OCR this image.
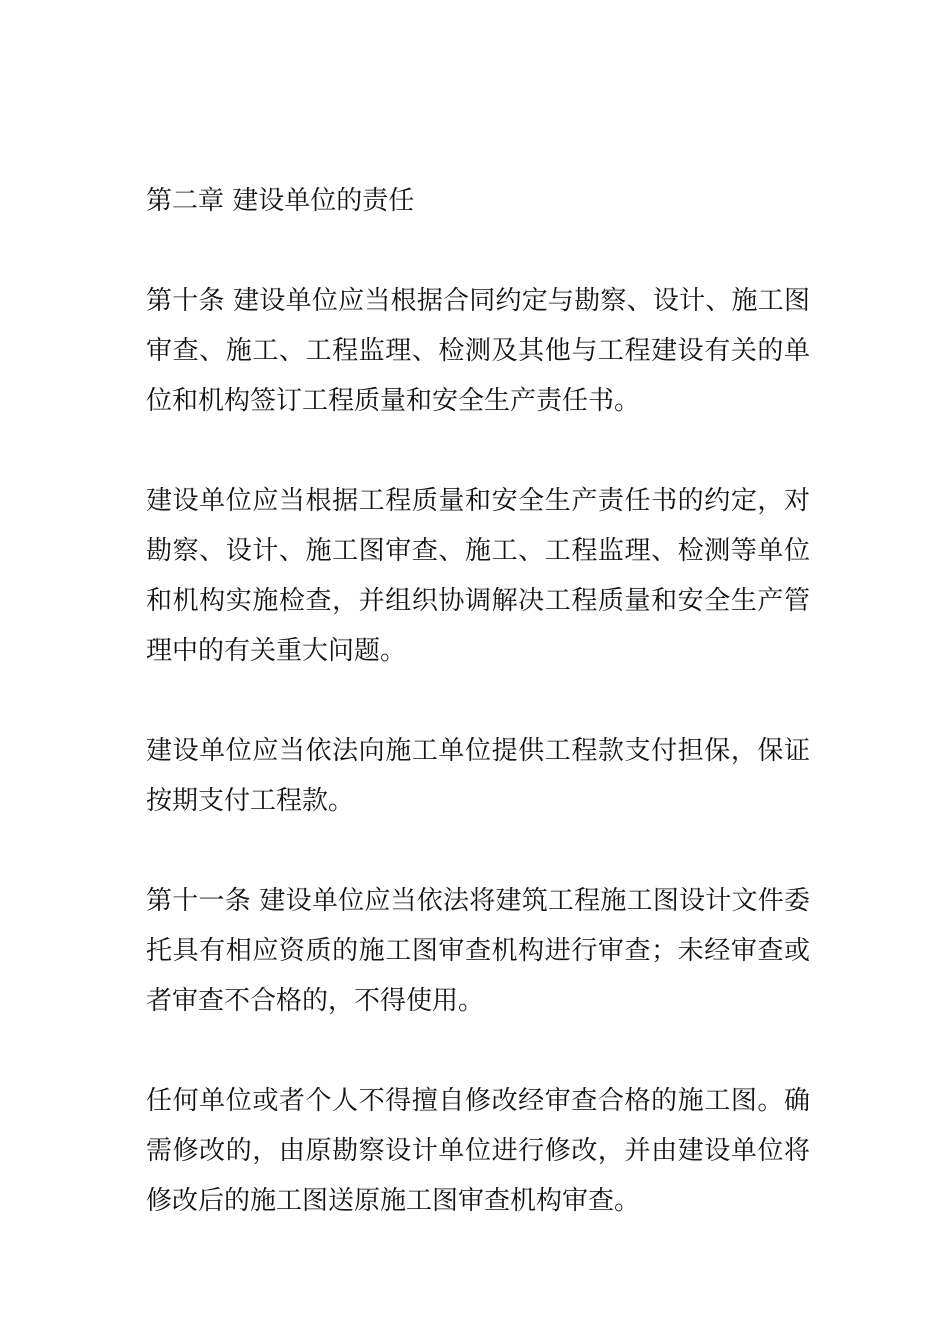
第二章 建设单位的责任

第十条 建设单位应当根据合同约定与勘察、设计、施工图审查、施工、工程监理、检测及其他与工程建设有关的单位和机构签订工程质量和安全生产责任书。

建设单位应当根据工程质量和安全生产责任书的约定，对勘察、设计、施工图审查、施工、工程监理、检测等单位和机构实施检查，并组织协调解决工程质量和安全生产管理中的有关重大问题。

建设单位应当依法向施工单位提供工程款支付担保，保证按期支付工程款。

第十一条 建设单位应当依法将建筑工程施工图设计文件委托具有相应资质的施工图审查机构进行审查；未经审查或者审查不合格的，不得使用。

任何单位或者个人不得擅自修改经审查合格的施工图。确需修改的，由原勘察设计单位进行修改，并由建设单位将修改后的施工图送原施工图审查机构审查。
